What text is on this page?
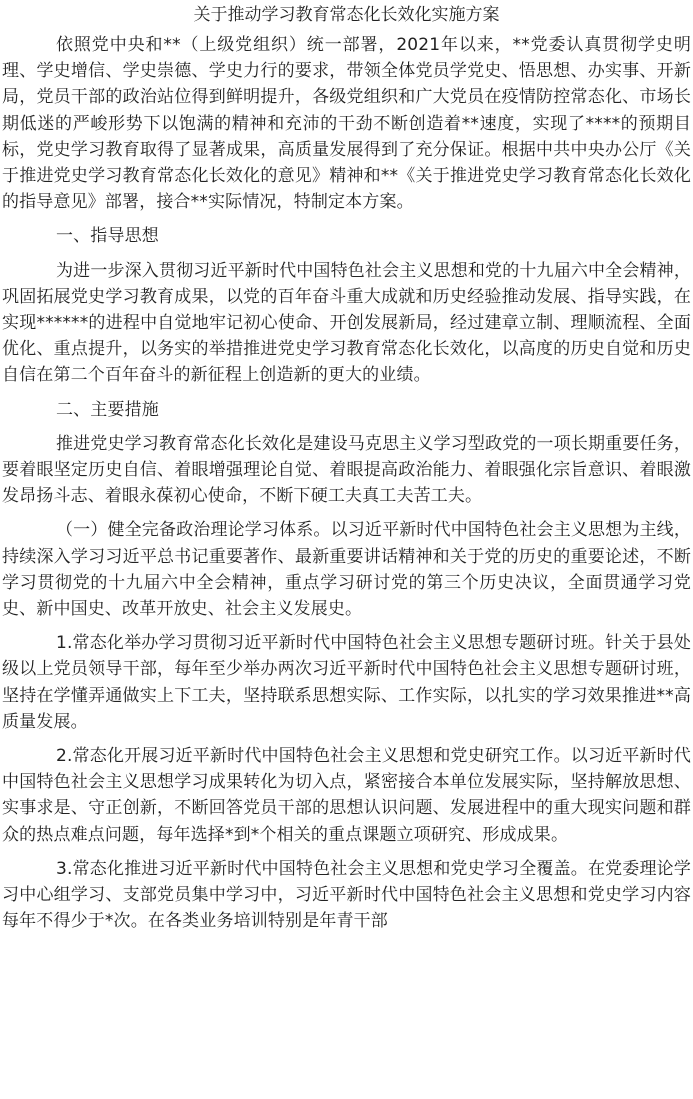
关于推动学习教育常态化长效化实施方案

依照党中央和**（上级党组织）统一部署，2021年以来，**党委认真贯彻学史明理、学史增信、学史崇德、学史力行的要求，带领全体党员学党史、悟思想、办实事、开新局，党员干部的政治站位得到鲜明提升，各级党组织和广大党员在疫情防控常态化、市场长期低迷的严峻形势下以饱满的精神和充沛的干劲不断创造着**速度，实现了****的预期目标，党史学习教育取得了显著成果，高质量发展得到了充分保证。根据中共中央办公厅《关于推进党史学习教育常态化长效化的意见》精神和**《关于推进党史学习教育常态化长效化的指导意见》部署，接合**实际情况，特制定本方案。

一、指导思想

为进一步深入贯彻习近平新时代中国特色社会主义思想和党的十九届六中全会精神，巩固拓展党史学习教育成果，以党的百年奋斗重大成就和历史经验推动发展、指导实践，在实现******的进程中自觉地牢记初心使命、开创发展新局，经过建章立制、理顺流程、全面优化、重点提升，以务实的举措推进党史学习教育常态化长效化，以高度的历史自觉和历史自信在第二个百年奋斗的新征程上创造新的更大的业绩。

二、主要措施

推进党史学习教育常态化长效化是建设马克思主义学习型政党的一项长期重要任务，要着眼坚定历史自信、着眼增强理论自觉、着眼提高政治能力、着眼强化宗旨意识、着眼激发昂扬斗志、着眼永葆初心使命，不断下硬工夫真工夫苦工夫。

（一）健全完备政治理论学习体系。以习近平新时代中国特色社会主义思想为主线，持续深入学习习近平总书记重要著作、最新重要讲话精神和关于党的历史的重要论述，不断学习贯彻党的十九届六中全会精神，重点学习研讨党的第三个历史决议，全面贯通学习党史、新中国史、改革开放史、社会主义发展史。

1.常态化举办学习贯彻习近平新时代中国特色社会主义思想专题研讨班。针关于县处级以上党员领导干部，每年至少举办两次习近平新时代中国特色社会主义思想专题研讨班，坚持在学懂弄通做实上下工夫，坚持联系思想实际、工作实际，以扎实的学习效果推进**高质量发展。

2.常态化开展习近平新时代中国特色社会主义思想和党史研究工作。以习近平新时代中国特色社会主义思想学习成果转化为切入点，紧密接合本单位发展实际，坚持解放思想、实事求是、守正创新，不断回答党员干部的思想认识问题、发展进程中的重大现实问题和群众的热点难点问题，每年选择*到*个相关的重点课题立项研究、形成成果。

3.常态化推进习近平新时代中国特色社会主义思想和党史学习全覆盖。在党委理论学习中心组学习、支部党员集中学习中，习近平新时代中国特色社会主义思想和党史学习内容每年不得少于*次。在各类业务培训特别是年青干部
